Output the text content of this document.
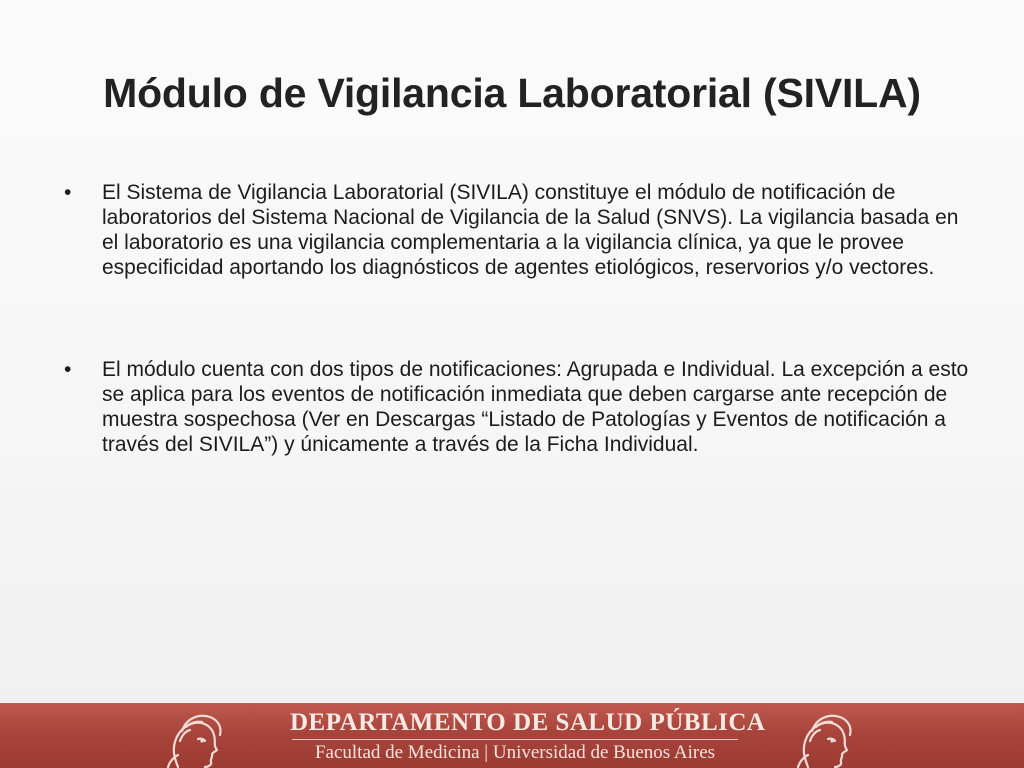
Módulo de Vigilancia Laboratorial (SIVILA)
• El Sistema de Vigilancia Laboratorial (SIVILA) constituye el módulo de notificación de laboratorios del Sistema Nacional de Vigilancia de la Salud (SNVS). La vigilancia basada en el laboratorio es una vigilancia complementaria a la vigilancia clínica, ya que le provee especificidad aportando los diagnósticos de agentes etiológicos, reservorios y/o vectores.
• El módulo cuenta con dos tipos de notificaciones: Agrupada e Individual. La excepción a esto se aplica para los eventos de notificación inmediata que deben cargarse ante recepción de muestra sospechosa (Ver en Descargas “Listado de Patologías y Eventos de notificación a través del SIVILA”) y únicamente a través de la Ficha Individual.
DEPARTAMENTO DE SALUD PÚBLICA
Facultad de Medicina | Universidad de Buenos Aires
